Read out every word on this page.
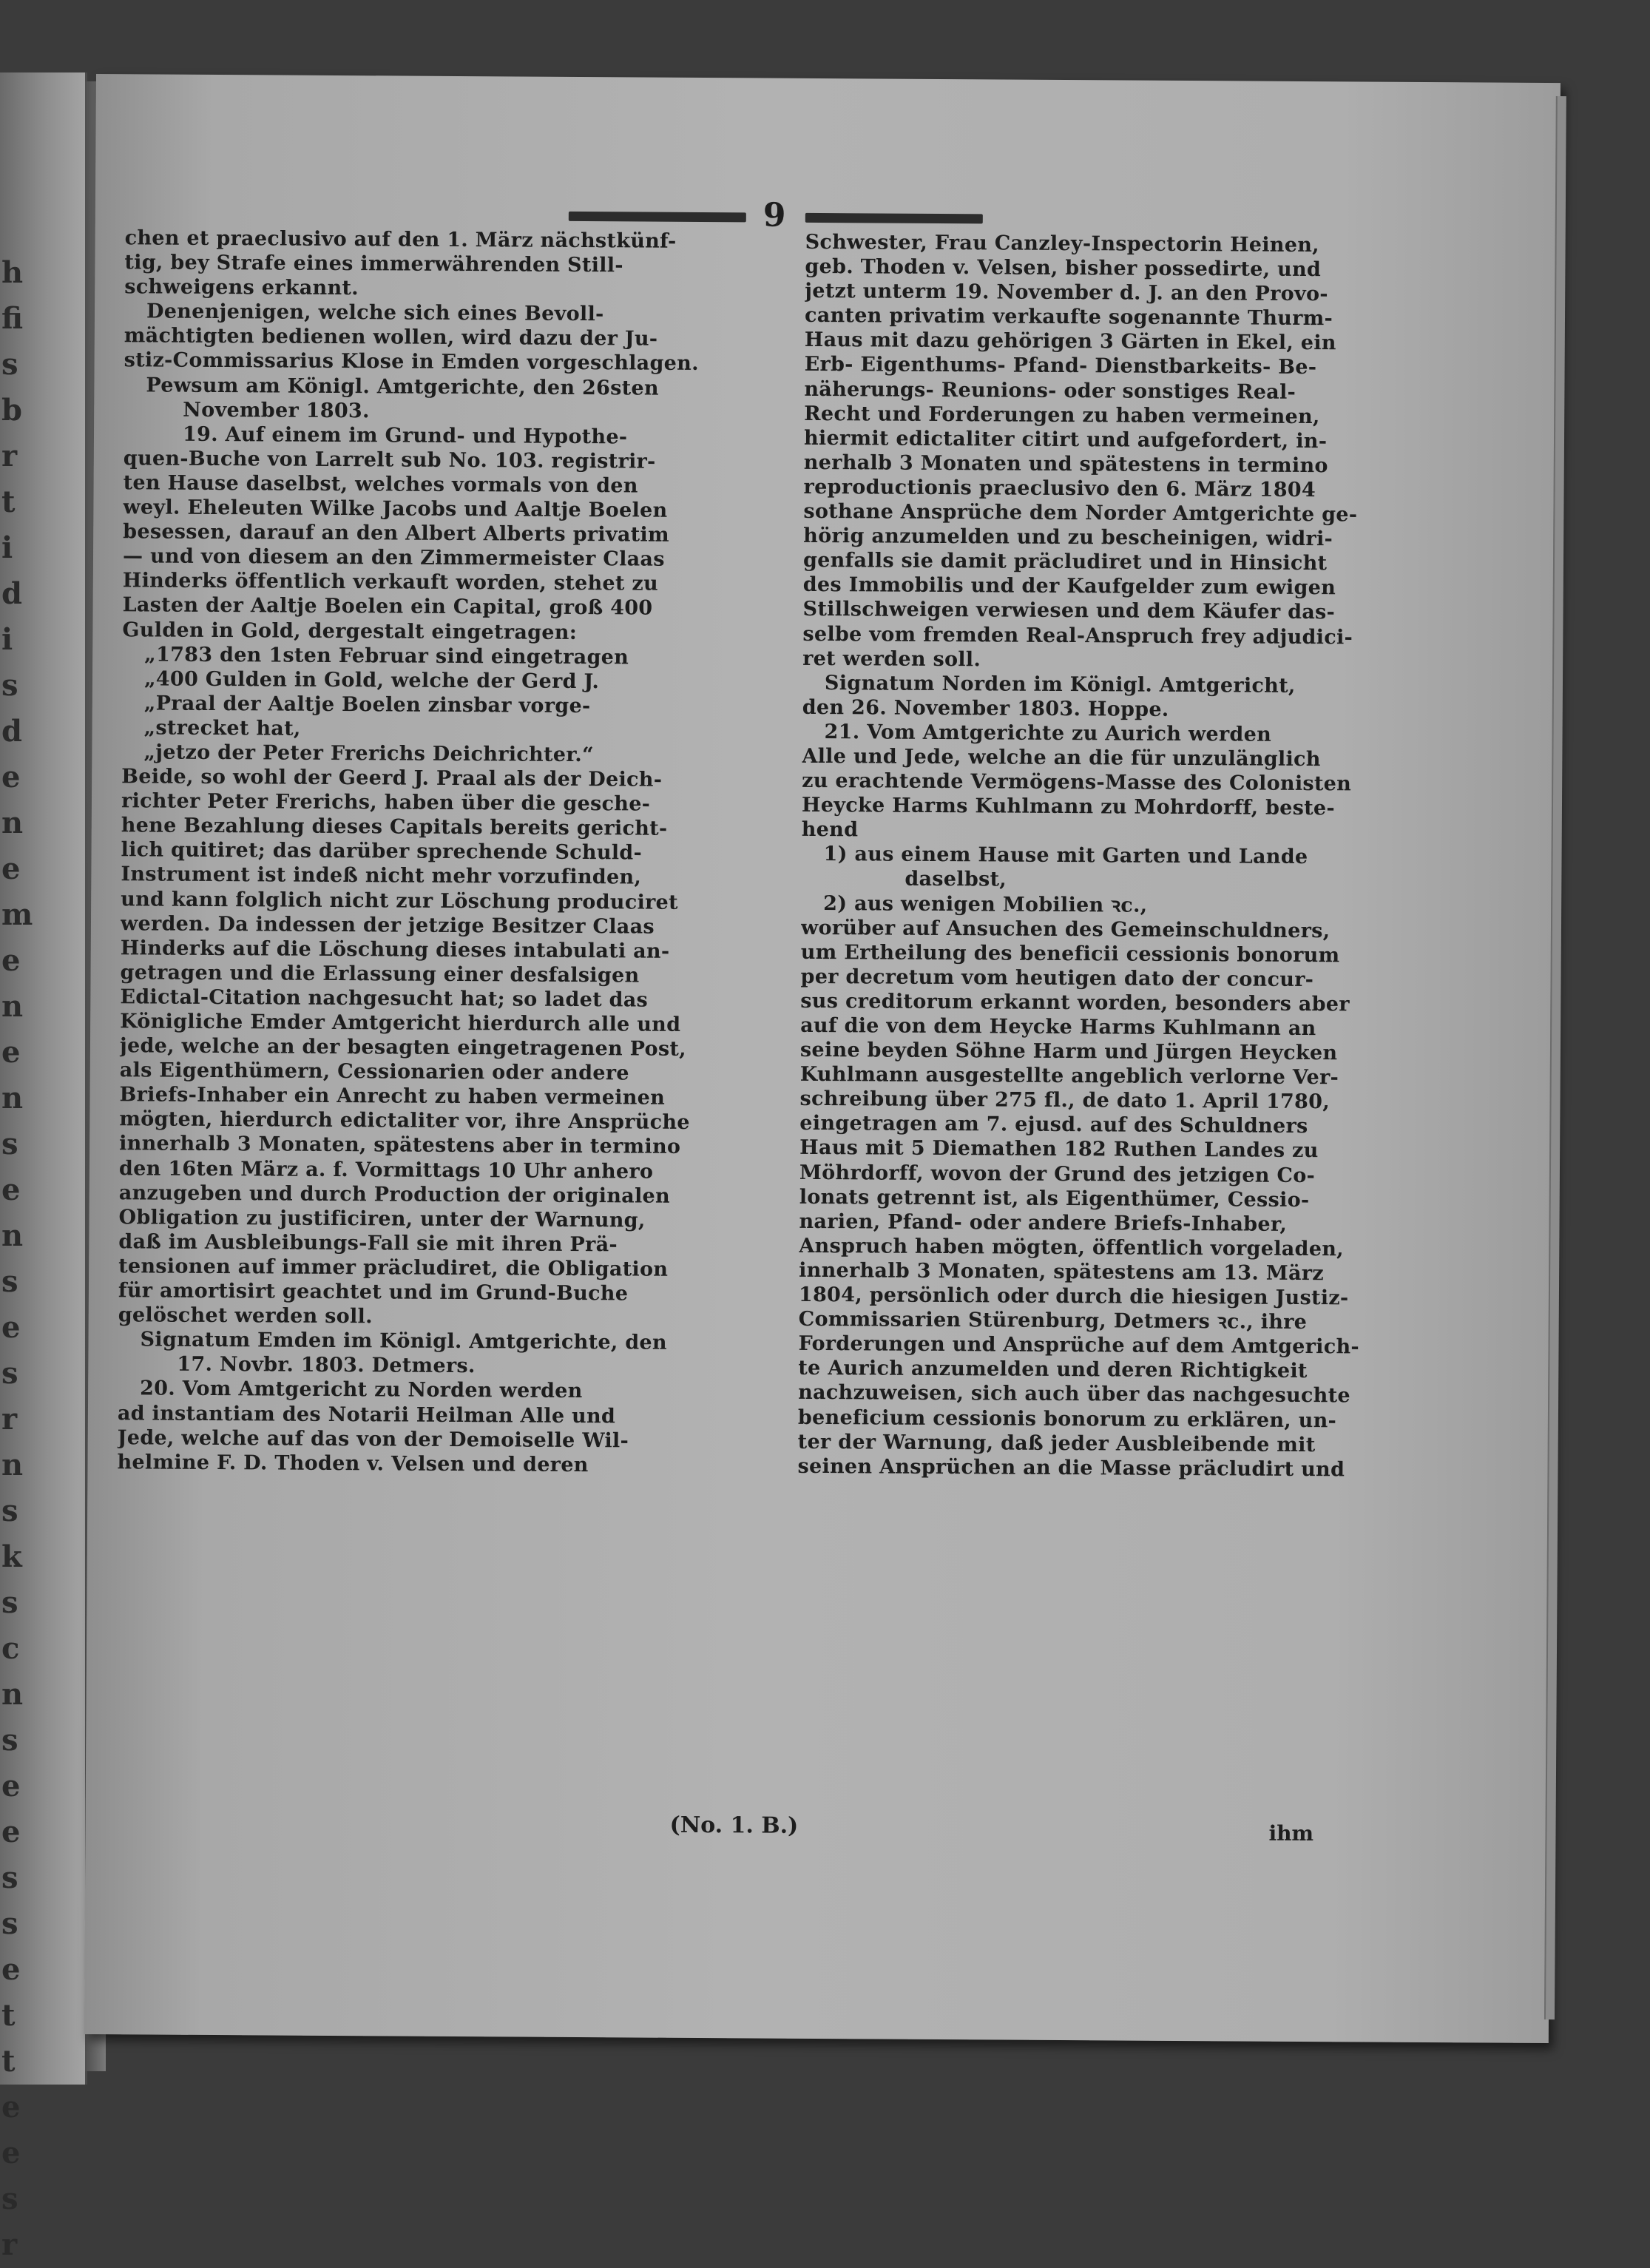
h
fi
s
b
r
t
i
d
i
s
d
e
n
e
m
e
n
e
n
s
e
n
s
e
s
r
n
s
k
s
c
n
s
e
e
s
s
e
t
t
e
e
s
r
9

chen et praeclusivo auf den 1. März nächstkünf-

tig, bey Strafe eines immerwährenden Still-

schweigens erkannt.

Denenjenigen, welche sich eines Bevoll-

mächtigten bedienen wollen, wird dazu der Ju-

stiz-Commissarius Klose in Emden vorgeschlagen.

Pewsum am Königl. Amtgerichte, den 26sten

November 1803.

19. Auf einem im Grund- und Hypothe-

quen-Buche von Larrelt sub No. 103. registrir-

ten Hause daselbst, welches vormals von den

weyl. Eheleuten Wilke Jacobs und Aaltje Boelen

besessen, darauf an den Albert Alberts privatim

— und von diesem an den Zimmermeister Claas

Hinderks öffentlich verkauft worden, stehet zu

Lasten der Aaltje Boelen ein Capital, groß 400

Gulden in Gold, dergestalt eingetragen:

„1783 den 1sten Februar sind eingetragen

„400 Gulden in Gold, welche der Gerd J.

„Praal der Aaltje Boelen zinsbar vorge-

„strecket hat,

„jetzo der Peter Frerichs Deichrichter.“

Beide, so wohl der Geerd J. Praal als der Deich-

richter Peter Frerichs, haben über die gesche-

hene Bezahlung dieses Capitals bereits gericht-

lich quitiret; das darüber sprechende Schuld-

Instrument ist indeß nicht mehr vorzufinden,

und kann folglich nicht zur Löschung produciret

werden. Da indessen der jetzige Besitzer Claas

Hinderks auf die Löschung dieses intabulati an-

getragen und die Erlassung einer desfalsigen

Edictal-Citation nachgesucht hat; so ladet das

Königliche Emder Amtgericht hierdurch alle und

jede, welche an der besagten eingetragenen Post,

als Eigenthümern, Cessionarien oder andere

Briefs-Inhaber ein Anrecht zu haben vermeinen

mögten, hierdurch edictaliter vor, ihre Ansprüche

innerhalb 3 Monaten, spätestens aber in termino

den 16ten März a. f. Vormittags 10 Uhr anhero

anzugeben und durch Production der originalen

Obligation zu justificiren, unter der Warnung,

daß im Ausbleibungs-Fall sie mit ihren Prä-

tensionen auf immer präcludiret, die Obligation

für amortisirt geachtet und im Grund-Buche

gelöschet werden soll.

Signatum Emden im Königl. Amtgerichte, den

17. Novbr. 1803. Detmers.

20. Vom Amtgericht zu Norden werden

ad instantiam des Notarii Heilman Alle und

Jede, welche auf das von der Demoiselle Wil-

helmine F. D. Thoden v. Velsen und deren

Schwester, Frau Canzley-Inspectorin Heinen,

geb. Thoden v. Velsen, bisher possedirte, und

jetzt unterm 19. November d. J. an den Provo-

canten privatim verkaufte sogenannte Thurm-

Haus mit dazu gehörigen 3 Gärten in Ekel, ein

Erb- Eigenthums- Pfand- Dienstbarkeits- Be-

näherungs- Reunions- oder sonstiges Real-

Recht und Forderungen zu haben vermeinen,

hiermit edictaliter citirt und aufgefordert, in-

nerhalb 3 Monaten und spätestens in termino

reproductionis praeclusivo den 6. März 1804

sothane Ansprüche dem Norder Amtgerichte ge-

hörig anzumelden und zu bescheinigen, widri-

genfalls sie damit präcludiret und in Hinsicht

des Immobilis und der Kaufgelder zum ewigen

Stillschweigen verwiesen und dem Käufer das-

selbe vom fremden Real-Anspruch frey adjudici-

ret werden soll.

Signatum Norden im Königl. Amtgericht,

den 26. November 1803. Hoppe.

21. Vom Amtgerichte zu Aurich werden

Alle und Jede, welche an die für unzulänglich

zu erachtende Vermögens-Masse des Colonisten

Heycke Harms Kuhlmann zu Mohrdorff, beste-

hend

1) aus einem Hause mit Garten und Lande

daselbst,

2) aus wenigen Mobilien ꝛc.,

worüber auf Ansuchen des Gemeinschuldners,

um Ertheilung des beneficii cessionis bonorum

per decretum vom heutigen dato der concur-

sus creditorum erkannt worden, besonders aber

auf die von dem Heycke Harms Kuhlmann an

seine beyden Söhne Harm und Jürgen Heycken

Kuhlmann ausgestellte angeblich verlorne Ver-

schreibung über 275 fl., de dato 1. April 1780,

eingetragen am 7. ejusd. auf des Schuldners

Haus mit 5 Diemathen 182 Ruthen Landes zu

Möhrdorff, wovon der Grund des jetzigen Co-

lonats getrennt ist, als Eigenthümer, Cessio-

narien, Pfand- oder andere Briefs-Inhaber,

Anspruch haben mögten, öffentlich vorgeladen,

innerhalb 3 Monaten, spätestens am 13. März

1804, persönlich oder durch die hiesigen Justiz-

Commissarien Stürenburg, Detmers ꝛc., ihre

Forderungen und Ansprüche auf dem Amtgerich-

te Aurich anzumelden und deren Richtigkeit

nachzuweisen, sich auch über das nachgesuchte

beneficium cessionis bonorum zu erklären, un-

ter der Warnung, daß jeder Ausbleibende mit

seinen Ansprüchen an die Masse präcludirt und

(No. 1. B.)	ihm
